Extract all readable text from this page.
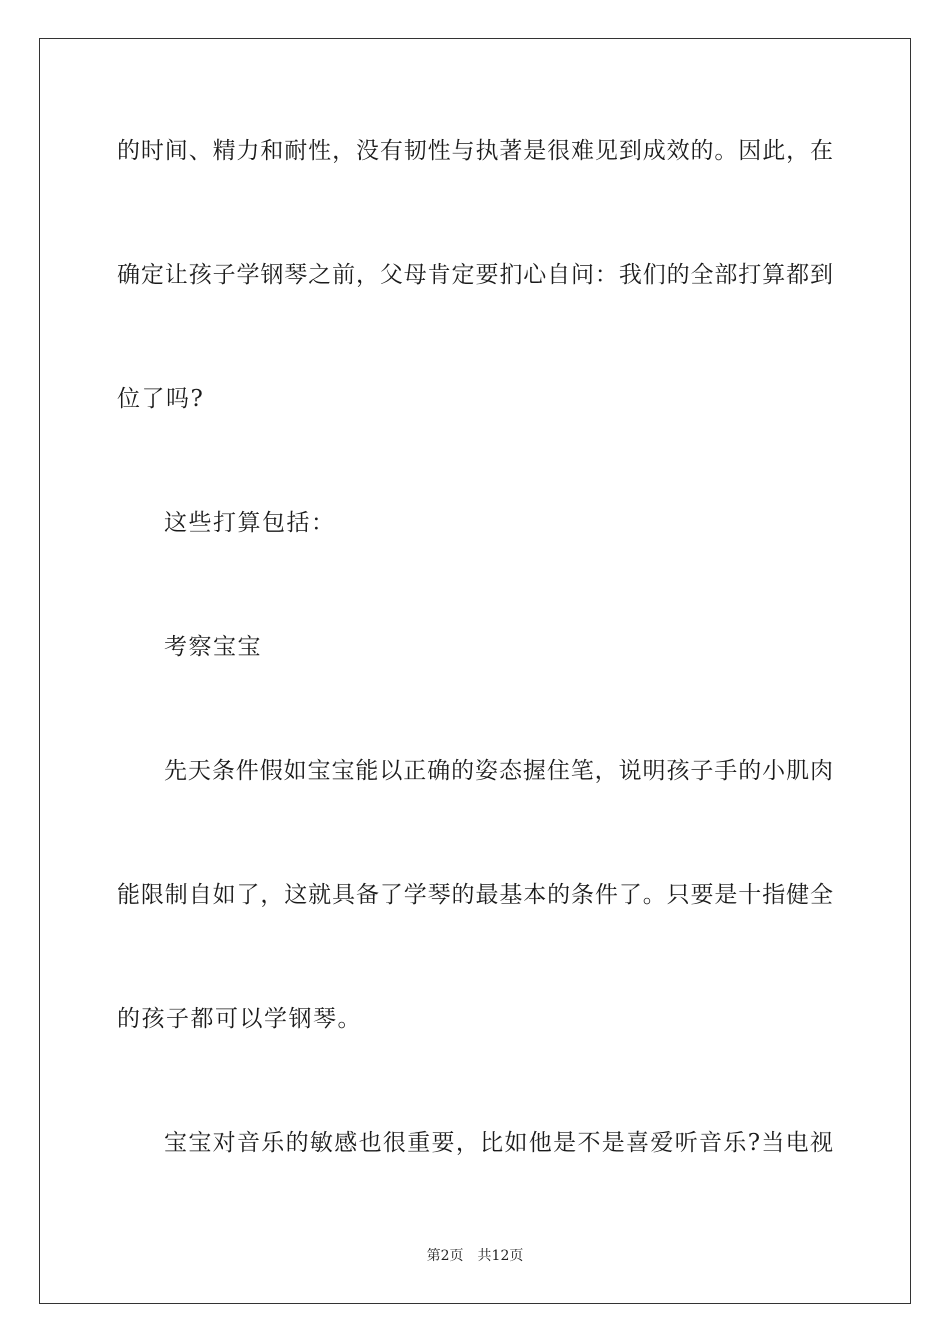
的时间、精力和耐性，没有韧性与执著是很难见到成效的。因此，在
确定让孩子学钢琴之前，父母肯定要扪心自问：我们的全部打算都到
位了吗?
这些打算包括：
考察宝宝
先天条件假如宝宝能以正确的姿态握住笔，说明孩子手的小肌肉
能限制自如了，这就具备了学琴的最基本的条件了。只要是十指健全
的孩子都可以学钢琴。
宝宝对音乐的敏感也很重要，比如他是不是喜爱听音乐?当电视
第2页 共12页
